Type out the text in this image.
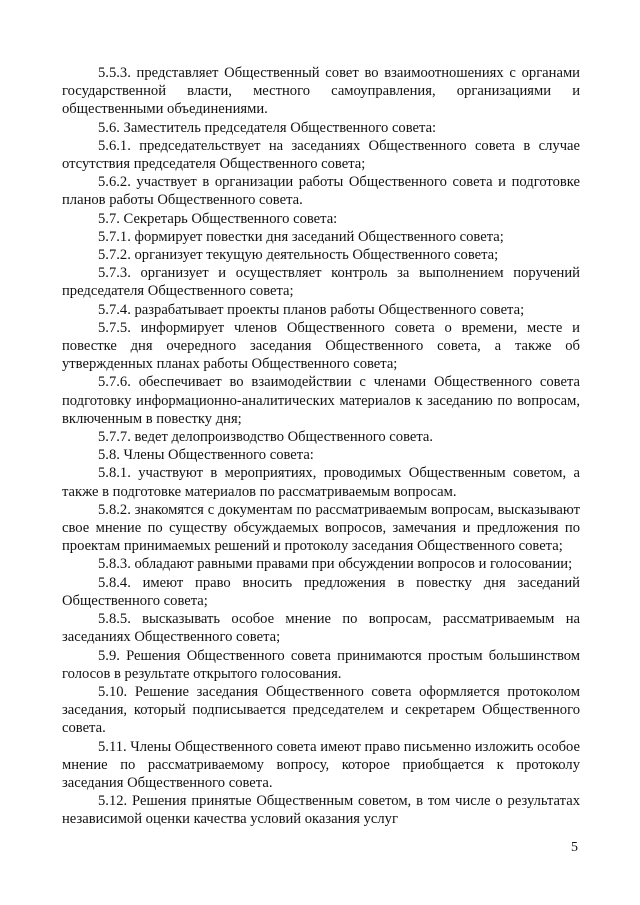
5.5.3. представляет Общественный совет во взаимоотношениях с органами государственной власти, местного самоуправления, организациями и общественными объединениями.

5.6. Заместитель председателя Общественного совета:

5.6.1. председательствует на заседаниях Общественного совета в случае отсутствия председателя Общественного совета;

5.6.2. участвует в организации работы Общественного совета и подготовке планов работы Общественного совета.

5.7. Секретарь Общественного совета:

5.7.1. формирует повестки дня заседаний Общественного совета;

5.7.2. организует текущую деятельность Общественного совета;

5.7.3. организует и осуществляет контроль за выполнением поручений председателя Общественного совета;

5.7.4. разрабатывает проекты планов работы Общественного совета;

5.7.5. информирует членов Общественного совета о времени, месте и повестке дня очередного заседания Общественного совета, а также об утвержденных планах работы Общественного совета;

5.7.6. обеспечивает во взаимодействии с членами Общественного совета подготовку информационно-аналитических материалов к заседанию по вопросам, включенным в повестку дня;

5.7.7. ведет делопроизводство Общественного совета.

5.8. Члены Общественного совета:

5.8.1. участвуют в мероприятиях, проводимых Общественным советом, а также в подготовке материалов по рассматриваемым вопросам.

5.8.2. знакомятся с документам по рассматриваемым вопросам, высказывают свое мнение по существу обсуждаемых вопросов, замечания и предложения по проектам принимаемых решений и протоколу заседания Общественного совета;

5.8.3. обладают равными правами при обсуждении вопросов и голосовании;

5.8.4. имеют право вносить предложения в повестку дня заседаний Общественного совета;

5.8.5. высказывать особое мнение по вопросам, рассматриваемым на заседаниях Общественного совета;

5.9. Решения Общественного совета принимаются простым большинством голосов в результате открытого голосования.

5.10. Решение заседания Общественного совета оформляется протоколом заседания, который подписывается председателем и секретарем Общественного совета.

5.11. Члены Общественного совета имеют право письменно изложить особое мнение по рассматриваемому вопросу, которое приобщается к протоколу заседания Общественного совета.

5.12. Решения принятые Общественным советом, в том числе о результатах независимой оценки качества условий оказания услуг

5
